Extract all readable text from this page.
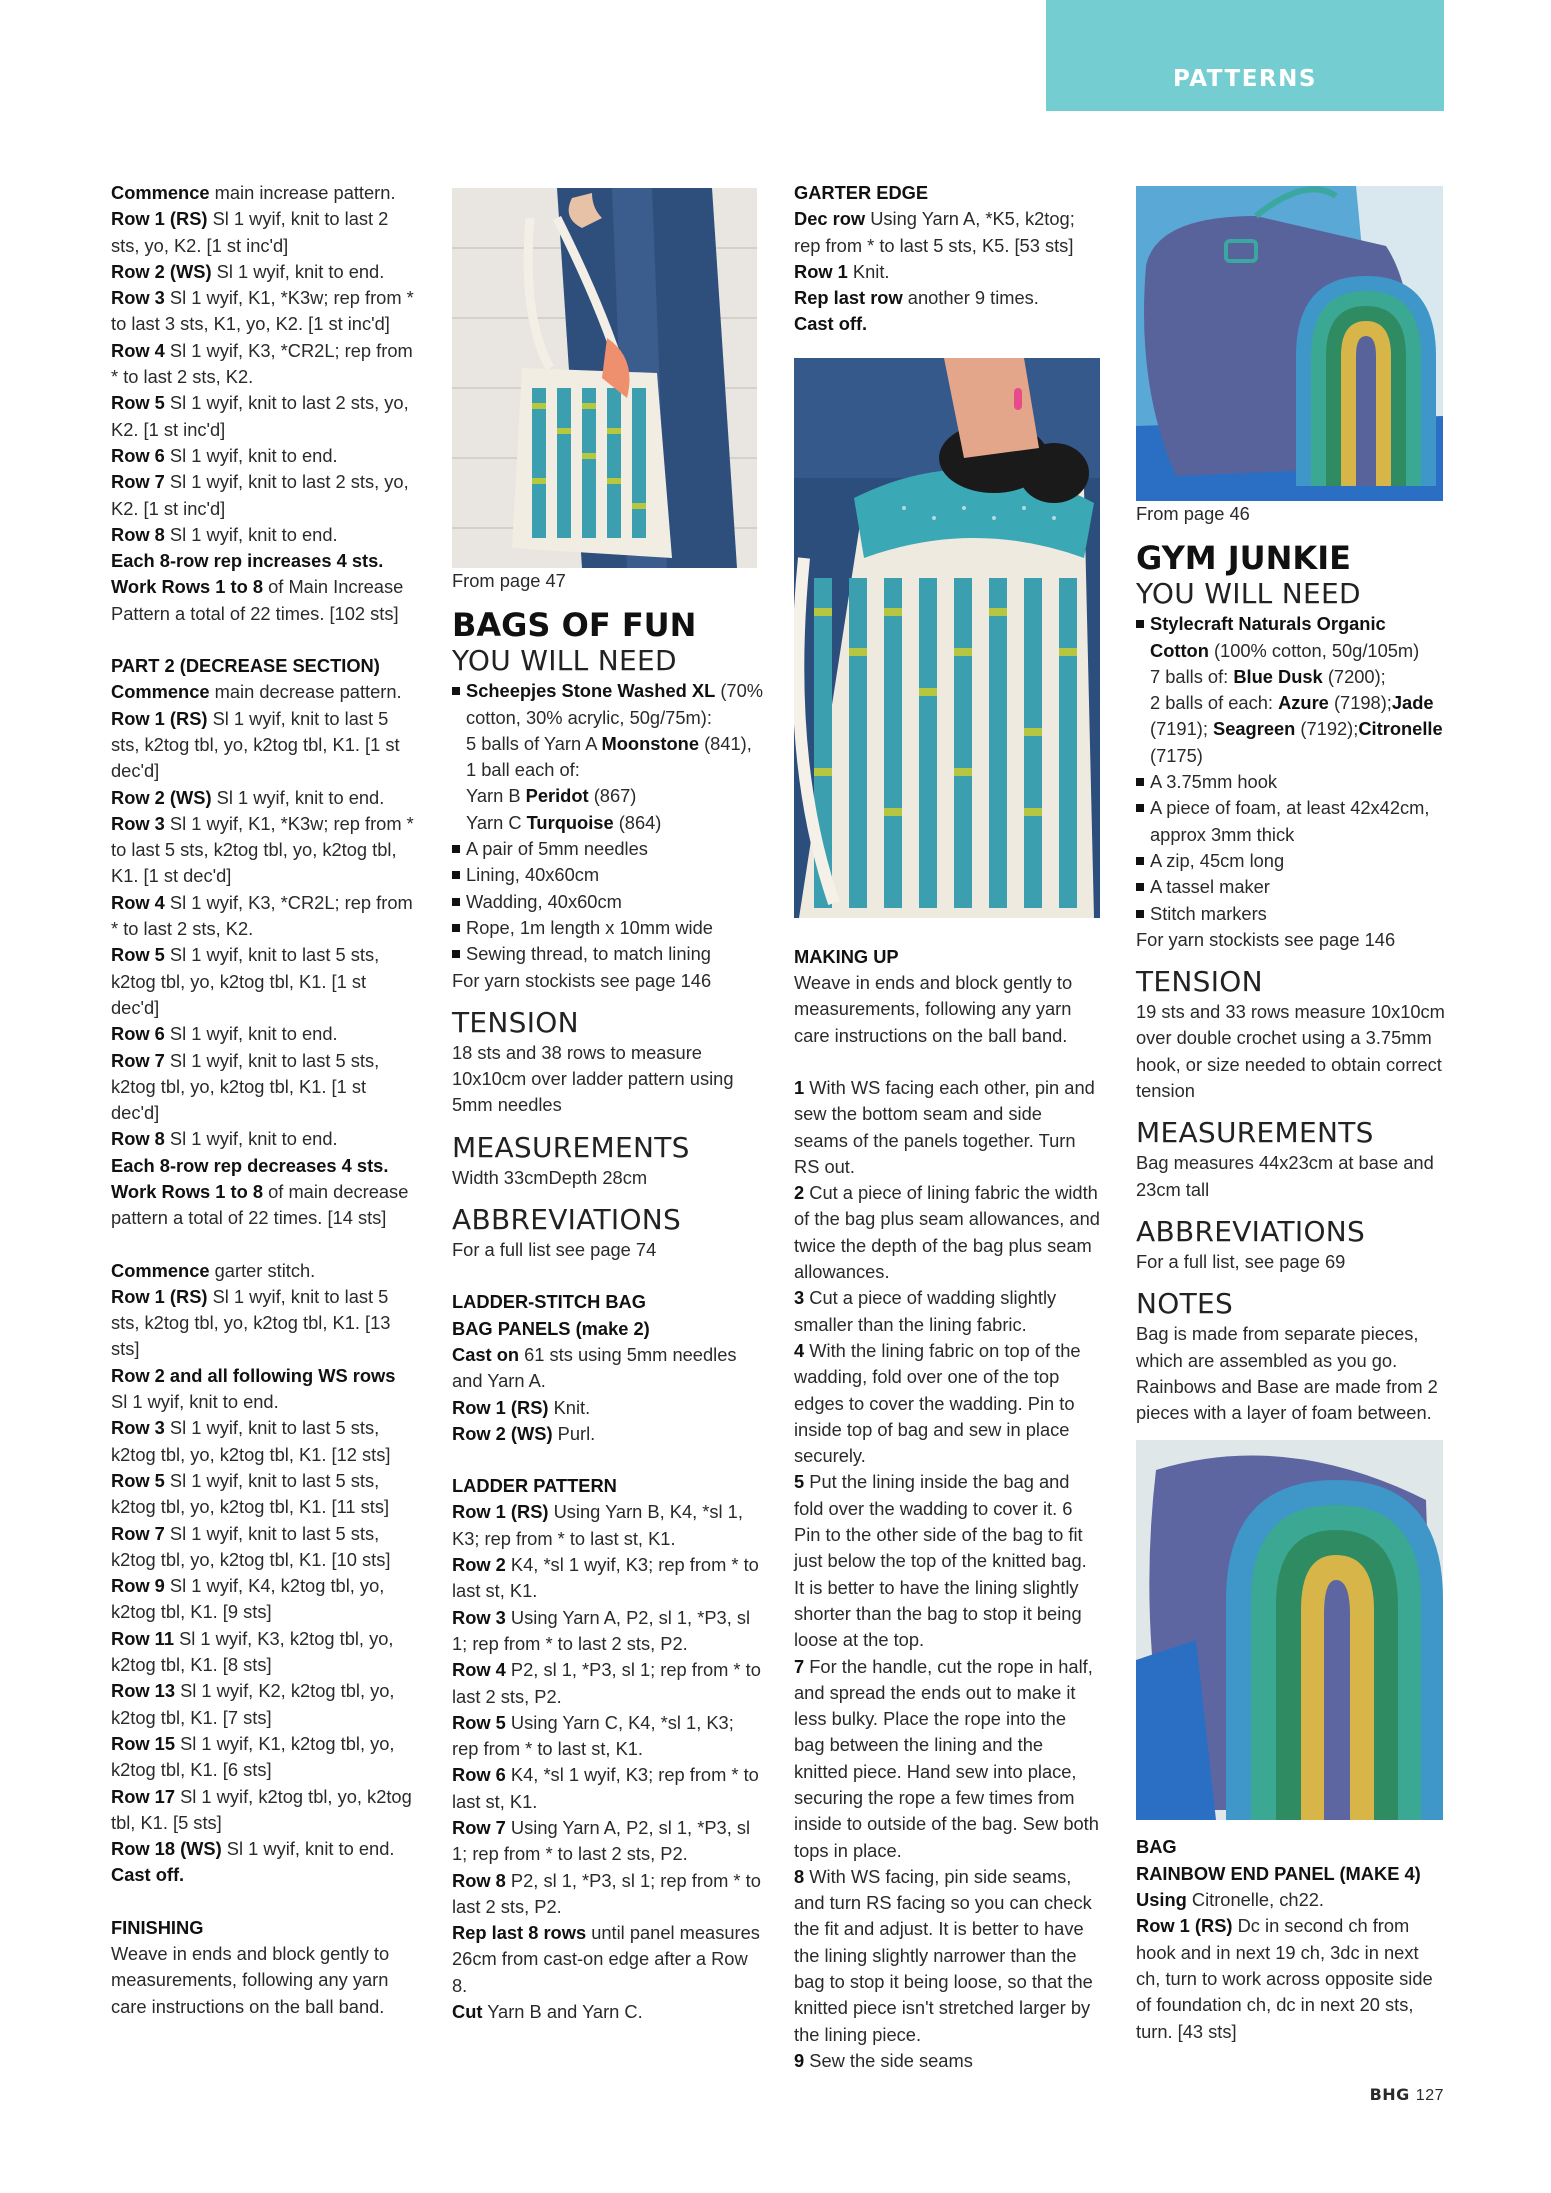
PATTERNS

Commence main increase pattern.

Row 1 (RS) Sl 1 wyif, knit to last 2 sts, yo, K2. [1 st inc'd]

Row 2 (WS) Sl 1 wyif, knit to end.

Row 3 Sl 1 wyif, K1, *K3w; rep from * to last 3 sts, K1, yo, K2. [1 st inc'd]

Row 4 Sl 1 wyif, K3, *CR2L; rep from * to last 2 sts, K2.

Row 5 Sl 1 wyif, knit to last 2 sts, yo, K2. [1 st inc'd]

Row 6 Sl 1 wyif, knit to end.

Row 7 Sl 1 wyif, knit to last 2 sts, yo, K2. [1 st inc'd]

Row 8 Sl 1 wyif, knit to end.

Each 8-row rep increases 4 sts.

Work Rows 1 to 8 of Main Increase Pattern a total of 22 times. [102 sts]

PART 2 (DECREASE SECTION)

Commence main decrease pattern.

Row 1 (RS) Sl 1 wyif, knit to last 5 sts, k2tog tbl, yo, k2tog tbl, K1. [1 st dec'd]

Row 2 (WS) Sl 1 wyif, knit to end.

Row 3 Sl 1 wyif, K1, *K3w; rep from * to last 5 sts, k2tog tbl, yo, k2tog tbl, K1. [1 st dec'd]

Row 4 Sl 1 wyif, K3, *CR2L; rep from * to last 2 sts, K2.

Row 5 Sl 1 wyif, knit to last 5 sts, k2tog tbl, yo, k2tog tbl, K1. [1 st dec'd]

Row 6 Sl 1 wyif, knit to end.

Row 7 Sl 1 wyif, knit to last 5 sts, k2tog tbl, yo, k2tog tbl, K1. [1 st dec'd]

Row 8 Sl 1 wyif, knit to end.

Each 8-row rep decreases 4 sts.

Work Rows 1 to 8 of main decrease pattern a total of 22 times. [14 sts]

Commence garter stitch.

Row 1 (RS) Sl 1 wyif, knit to last 5 sts, k2tog tbl, yo, k2tog tbl, K1. [13 sts]

Row 2 and all following WS rows Sl 1 wyif, knit to end.

Row 3 Sl 1 wyif, knit to last 5 sts, k2tog tbl, yo, k2tog tbl, K1. [12 sts]

Row 5 Sl 1 wyif, knit to last 5 sts, k2tog tbl, yo, k2tog tbl, K1. [11 sts]

Row 7 Sl 1 wyif, knit to last 5 sts, k2tog tbl, yo, k2tog tbl, K1. [10 sts]

Row 9 Sl 1 wyif, K4, k2tog tbl, yo, k2tog tbl, K1. [9 sts]

Row 11 Sl 1 wyif, K3, k2tog tbl, yo, k2tog tbl, K1. [8 sts]

Row 13 Sl 1 wyif, K2, k2tog tbl, yo, k2tog tbl, K1. [7 sts]

Row 15 Sl 1 wyif, K1, k2tog tbl, yo, k2tog tbl, K1. [6 sts]

Row 17 Sl 1 wyif, k2tog tbl, yo, k2tog tbl, K1. [5 sts]

Row 18 (WS) Sl 1 wyif, knit to end.

Cast off.

FINISHING

Weave in ends and block gently to measurements, following any yarn care instructions on the ball band.

From page 47

BAGS OF FUN
YOU WILL NEED

Scheepjes Stone Washed XL (70% cotton, 30% acrylic, 50g/75m):

5 balls of Yarn A Moonstone (841), 1 ball each of:

Yarn B Peridot (867)

Yarn C Turquoise (864)

A pair of 5mm needles

Lining, 40x60cm

Wadding, 40x60cm

Rope, 1m length x 10mm wide

Sewing thread, to match lining

For yarn stockists see page 146

TENSION

18 sts and 38 rows to measure 10x10cm over ladder pattern using 5mm needles

MEASUREMENTS

Width 33cmDepth 28cm

ABBREVIATIONS

For a full list see page 74

LADDER-STITCH BAG

BAG PANELS (make 2)

Cast on 61 sts using 5mm needles and Yarn A.

Row 1 (RS) Knit.

Row 2 (WS) Purl.

LADDER PATTERN

Row 1 (RS) Using Yarn B, K4, *sl 1, K3; rep from * to last st, K1.

Row 2 K4, *sl 1 wyif, K3; rep from * to last st, K1.

Row 3 Using Yarn A, P2, sl 1, *P3, sl 1; rep from * to last 2 sts, P2.

Row 4 P2, sl 1, *P3, sl 1; rep from * to last 2 sts, P2.

Row 5 Using Yarn C, K4, *sl 1, K3; rep from * to last st, K1.

Row 6 K4, *sl 1 wyif, K3; rep from * to last st, K1.

Row 7 Using Yarn A, P2, sl 1, *P3, sl 1; rep from * to last 2 sts, P2.

Row 8 P2, sl 1, *P3, sl 1; rep from * to last 2 sts, P2.

Rep last 8 rows until panel measures 26cm from cast-on edge after a Row 8.

Cut Yarn B and Yarn C.

GARTER EDGE

Dec row Using Yarn A, *K5, k2tog; rep from * to last 5 sts, K5. [53 sts]

Row 1 Knit.

Rep last row another 9 times.

Cast off.

MAKING UP

Weave in ends and block gently to measurements, following any yarn care instructions on the ball band.

1 With WS facing each other, pin and sew the bottom seam and side seams of the panels together. Turn RS out.

2 Cut a piece of lining fabric the width of the bag plus seam allowances, and twice the depth of the bag plus seam allowances.

3 Cut a piece of wadding slightly smaller than the lining fabric.

4 With the lining fabric on top of the wadding, fold over one of the top edges to cover the wadding. Pin to inside top of bag and sew in place securely.

5 Put the lining inside the bag and fold over the wadding to cover it. 6 Pin to the other side of the bag to fit just below the top of the knitted bag. It is better to have the lining slightly shorter than the bag to stop it being loose at the top.

7 For the handle, cut the rope in half, and spread the ends out to make it less bulky. Place the rope into the bag between the lining and the knitted piece. Hand sew into place, securing the rope a few times from inside to outside of the bag. Sew both tops in place.

8 With WS facing, pin side seams, and turn RS facing so you can check the fit and adjust. It is better to have the lining slightly narrower than the bag to stop it being loose, so that the knitted piece isn't stretched larger by the lining piece.

9 Sew the side seams

From page 46

GYM JUNKIE
YOU WILL NEED

Stylecraft Naturals Organic Cotton (100% cotton, 50g/105m)

7 balls of: Blue Dusk (7200);

2 balls of each: Azure (7198);Jade (7191); Seagreen (7192);Citronelle (7175)

A 3.75mm hook

A piece of foam, at least 42x42cm, approx 3mm thick

A zip, 45cm long

A tassel maker

Stitch markers

For yarn stockists see page 146

TENSION

19 sts and 33 rows measure 10x10cm over double crochet using a 3.75mm hook, or size needed to obtain correct tension

MEASUREMENTS

Bag measures 44x23cm at base and 23cm tall

ABBREVIATIONS

For a full list, see page 69

NOTES

Bag is made from separate pieces, which are assembled as you go. Rainbows and Base are made from 2 pieces with a layer of foam between.

BAG

RAINBOW END PANEL (MAKE 4)

Using Citronelle, ch22.

Row 1 (RS) Dc in second ch from hook and in next 19 ch, 3dc in next ch, turn to work across opposite side of foundation ch, dc in next 20 sts, turn. [43 sts]

BHG 127
